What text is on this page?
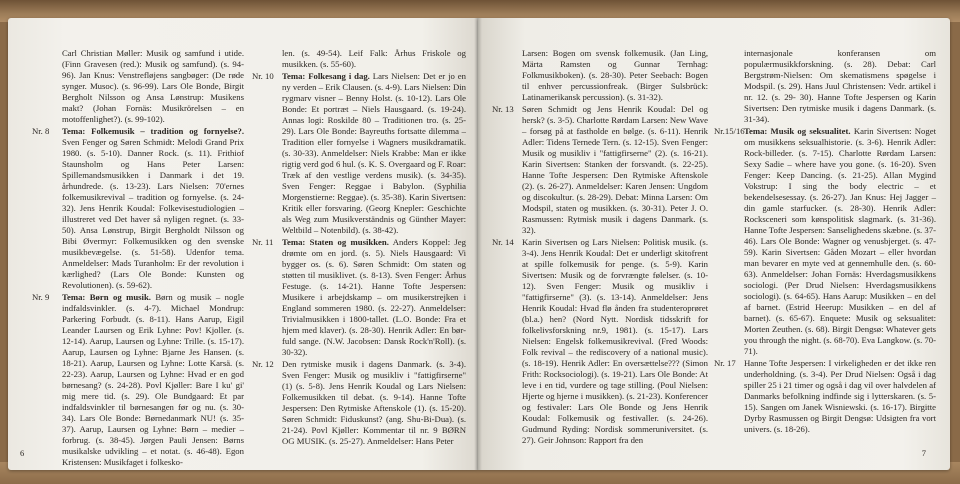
Carl Christian Møller: Musik og samfund i utide. (Finn Gravesen (red.): Musik og samfund). (s. 94-96). Jan Knus: Venstrefløjens sangbøger: (De røde synger. Musoc). (s. 96-99). Lars Ole Bonde, Birgit Bergholt Nilsson og Ansa Lønstrup: Musikens makt? (Johan Fornäs: Musikrörelsen – en motoffenlighet?). (s. 99-102).
Nr. 8	Tema: Folkemusik – tradition og fornyelse?. Sven Fenger og Søren Schmidt: Melodi Grand Prix 1980. (s. 5-10). Danner Rock. (s. 11). Frithiof Staunsholm og Hans Peter Larsen: Spillemandsmusikken i Danmark i det 19. århundrede. (s. 13-23). Lars Nielsen: 70'ernes folkemusikrevival – tradition og fornyelse. (s. 24-32). Jens Henrik Koudal: Folkevisestudiologien – illustreret ved Det haver så nyligen regnet. (s. 33-50). Ansa Lønstrup, Birgit Bergholdt Nilsson og Bibi Øvermyr: Folkemusikken og den svenske musikbevægelse. (s. 51-58). Udenfor tema. Anmeldelser: Mads Turanholm: Er der revolution i kærlighed? (Lars Ole Bonde: Kunsten og Revolutionen). (s. 59-62).
Nr. 9	Tema: Børn og musik. Børn og musik – nogle indfaldsvinkler. (s. 4-7). Michael Mondrup: Parkering Forbudt. (s. 8-11). Hans Aarup, Eigil Leander Laursen og Erik Lyhne: Pov! Kjoller. (s. 12-14). Aarup, Laursen og Lyhne: Trille. (s. 15-17). Aarup, Laursen og Lyhne: Bjarne Jes Hansen. (s. 18-21). Aarup, Laursen og Lyhne: Lotte Karsä. (s. 22-23). Aarup, Laursen og Lyhne: Hvad er en god børnesang? (s. 24-28). Povl Kjøller: Bare I ku' gi' mig mere tid. (s. 29). Ole Bundgaard: Et par indfaldsvinkler til børnesangen før og nu. (s. 30-34). Lars Ole Bonde: Børnedanmark NU! (s. 35-37). Aarup, Laursen og Lyhne: Børn – medier – forbrug. (s. 38-45). Jørgen Pauli Jensen: Børns musikalske udvikling – et notat. (s. 46-48). Egon Kristensen: Musikfaget i folkesko-
len. (s. 49-54). Leif Falk: Århus Friskole og musikken. (s. 55-60).
Nr. 10 Tema: Folkesang i dag. Lars Nielsen: Det er jo en ny verden – Erik Clausen. (s. 4-9). Lars Nielsen: Din rygmarv visner – Benny Holst. (s. 10-12). Lars Ole Bonde: Et portræt – Niels Hausgaard. (s. 19-24). Annas logi: Roskilde 80 – Traditionen tro. (s. 25-29). Lars Ole Bonde: Bayreuths fortsatte dilemma – Tradition eller fornyelse i Wagners musikdramatik. (s. 30-33). Anmeldelser: Niels Krabbe: Man er ikke rigtig verd god 6 hul. (s. K. S. Overgaard og F. Roar: Træk af den vestlige verdens musik). (s. 34-35). Sven Fenger: Reggae i Babylon. (Syphilia Morgenstierne: Reggae). (s. 35-38). Karin Sivertsen: Kritik eller forsvaring. (Georg Knepler: Geschichte als Weg zum Musikverständnis og Günther Mayer: Weltbild – Notenbild). (s. 38-42).
Nr. 11 Tema: Staten og musikken. Anders Koppel: Jeg drømte om en jord. (s. 5). Niels Hausgaard: Vi bygger os. (s. 6). Søren Schmidt: Om staten og støtten til musiklivet. (s. 8-13). Sven Fenger: Århus Festuge. (s. 14-21). Hanne Tofte Jespersen: Musikere i arbejdskamp – om musikerstrejken i England sommeren 1980. (s. 22-27). Anmeldelser: Trivialmusikken i 1800-tallet. (L.O. Bonde: Fra et hjem med klaver). (s. 28-30). Henrik Adler: En bør-fuld sange. (N.W. Jacobsen: Dansk Rock'n'Roll). (s. 30-32).
Nr. 12 Den rytmiske musik i dagens Danmark. (s. 3-4). Sven Fenger: Musik og musikliv i "fattigfirserne" (1) (s. 5-8). Jens Henrik Koudal og Lars Nielsen: Folkemusikken til debat. (s. 9-14). Hanne Tofte Jespersen: Den Rytmiske Aftenskole (1). (s. 15-20). Søren Schmidt: Fiduskunst? (ang. Shu-Bi-Dua). (s. 21-24). Povl Kjøller: Kommentar til nr. 9 BØRN OG MUSIK. (s. 25-27). Anmeldelser: Hans Peter
6
Larsen: Bogen om svensk folkemusik. (Jan Ling, Märta Ramsten og Gunnar Ternhag: Folkmusikboken). (s. 28-30). Peter Seebach: Bogen til enhver percussionfreak. (Birger Sulsbrück: Latinamerikansk percussion). (s. 31-32).
Nr. 13 Søren Schmidt og Jens Henrik Koudal: Del og hersk? (s. 3-5). Charlotte Rørdam Larsen: New Wave – forsøg på at fastholde en bølge. (s. 6-11). Henrik Adler: Tidens Ternede Tern. (s. 12-15). Sven Fenger: Musik og musikliv i "fattigfirserne" (2). (s. 16-21). Karin Sivertsen: Stanken der forsvandt. (s. 22-25). Hanne Tofte Jespersen: Den Rytmiske Aftenskole (2). (s. 26-27). Anmeldelser: Karen Jensen: Ungdom og discokultur. (s. 28-29). Debat: Minna Larsen: Om Modspil, staten og musikken. (s. 30-31). Peter J. O. Rasmussen: Rytmisk musik i dagens Danmark. (s. 32).
Nr. 14 Karin Sivertsen og Lars Nielsen: Politisk musik. (s. 3-4). Jens Henrik Koudal: Det er underligt skitofrent at spille folkemusik for penge. (s. 5-9). Karin Sivertsen: Musik og de forvrængte følelser. (s. 10-12). Sven Fenger: Musik og musikliv i "fattigfirserne" (3). (s. 13-14). Anmeldelser: Jens Henrik Koudal: Hvad flø ånden fra studenteroprøret (bl.a.) hen? (Nord Nytt. Nordisk tidsskrift for folkelivsforskning nr.9, 1981). (s. 15-17). Lars Nielsen: Engelsk folkemusikrevival. (Fred Woods: Folk revival – the rediscovery of a national music). (s. 18-19). Henrik Adler: En oversættelse??? (Simon Frith: Rocksociologi). (s. 19-21). Lars Ole Bonde: At leve i en tid, vurdere og tage stilling. (Poul Nielsen: Hjerte og hjerne i musikken). (s. 21-23). Konferencer og festivaler: Lars Ole Bonde og Jens Henrik Koudal: Folkemusik og festivaller. (s. 24-26). Gudmund Ryding: Nordisk sommeruniversitet. (s. 27). Geir Johnson: Rapport fra den
internasjonale konferansen om populærmusikkforskning. (s. 28). Debat: Carl Bergstrøm-Nielsen: Om skematismens spøgelse i Modspil. (s. 29). Hans Juul Christensen: Vedr. artikel i nr. 12. (s. 29- 30). Hanne Tofte Jespersen og Karin Sivertsen: Den rytmiske musik i dagens Danmark. (s. 31-34).
Nr.15/16 Tema: Musik og seksualitet. Karin Sivertsen: Noget om musikkens seksualhistorie. (s. 3-6). Henrik Adler: Rock-billeder. (s. 7-15). Charlotte Rørdam Larsen: Sexy Sadie – where have you gone. (s. 16-20). Sven Fenger: Keep Dancing. (s. 21-25). Allan Mygind Vokstrup: I sing the body electric – et bekendelsesessay. (s. 26-27). Jan Knus: Hej Jagger – din gamle starfucker. (s. 28-30). Henrik Adler: Rocksceneri som kønspolitisk slagmark. (s. 31-36). Hanne Tofte Jespersen: Sanselighedens skæbne. (s. 37-46). Lars Ole Bonde: Wagner og venusbjerget. (s. 47-59). Karin Sivertsen: Gåden Mozart – eller hvordan man bevarer en myte ved at gennemhulle den. (s. 60-63). Anmeldelser: Johan Fornäs: Hverdagsmusikkens sociologi. (Per Drud Nielsen: Hverdagsmusikkens sociologi). (s. 64-65). Hans Aarup: Musikken – en del af barnet. (Estrid Heerup: Musikken – en del af barnet). (s. 65-67). Enquete: Musik og seksualitet: Morten Zeuthen. (s. 68). Birgit Dengsø: Whatever gets you through the night. (s. 68-70). Eva Langkow. (s. 70-71).
Nr. 17 Hanne Tofte Jespersen: I virkeligheden er det ikke ren underholdning. (s. 3-4). Per Drud Nielsen: Også i dag spiller 25 i 21 timer og også i dag vil over halvdelen af Danmarks befolkning indfinde sig i lytterskaren. (s. 5-15). Sangen om Janek Wisniewski. (s. 16-17). Birgitte Dyrby Rasmussen og Birgit Dengsø: Udsigten fra vort univers. (s. 18-26).
7
